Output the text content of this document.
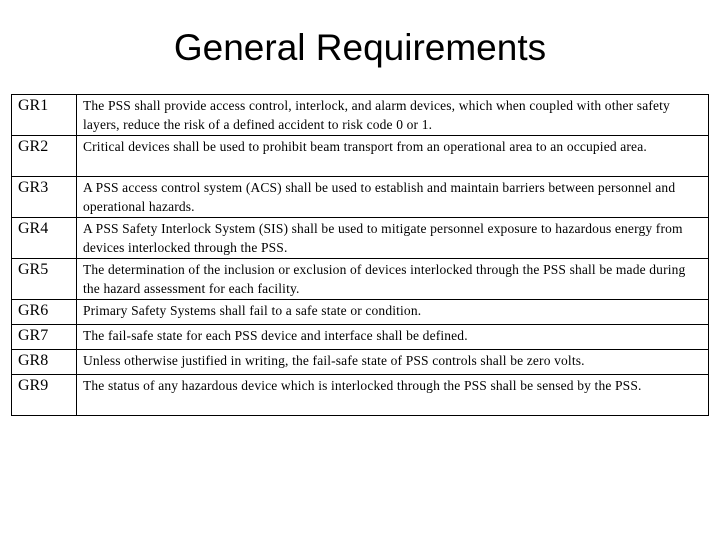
General Requirements
GR1	The PSS shall provide access control, interlock, and alarm devices, which when coupled with other safety layers, reduce the risk of a defined accident to risk code 0 or 1.
GR2	Critical devices shall be used to prohibit beam transport from an operational area to an occupied area.
GR3	A PSS access control system (ACS) shall be used to establish and maintain barriers between personnel and operational hazards.
GR4	A PSS Safety Interlock System (SIS) shall be used to mitigate personnel exposure to hazardous energy from devices interlocked through the PSS.
GR5	The determination of the inclusion or exclusion of devices interlocked through the PSS shall be made during the hazard assessment for each facility.
GR6	Primary Safety Systems shall fail to a safe state or condition.
GR7	The fail-safe state for each PSS device and interface shall be defined.
GR8	Unless otherwise justified in writing, the fail-safe state of PSS controls shall be zero volts.
GR9	The status of any hazardous device which is interlocked through the PSS shall be sensed by the PSS.
